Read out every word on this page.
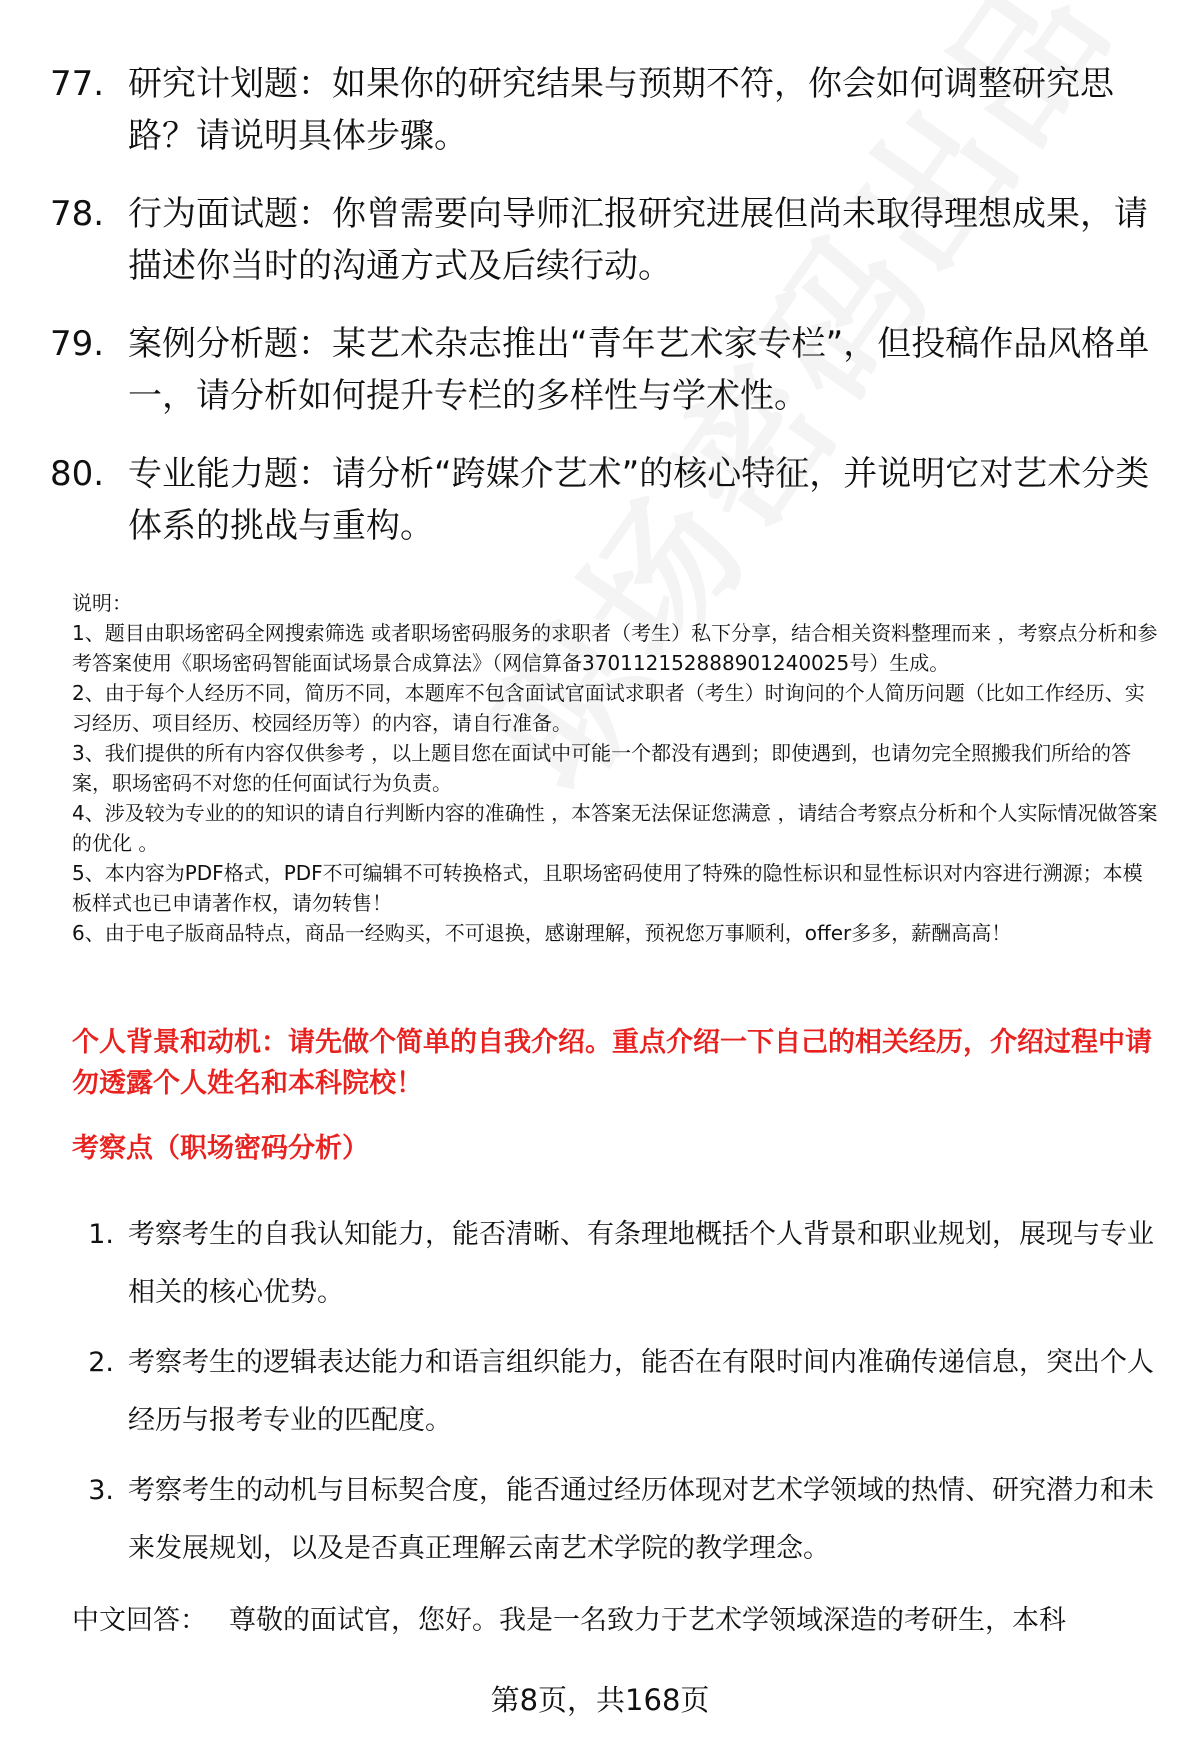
77. 研究计划题：如果你的研究结果与预期不符，你会如何调整研究思路？请说明具体步骤。
78. 行为面试题：你曾需要向导师汇报研究进展但尚未取得理想成果，请描述你当时的沟通方式及后续行动。
79. 案例分析题：某艺术杂志推出“青年艺术家专栏”，但投稿作品风格单一，请分析如何提升专栏的多样性与学术性。
80. 专业能力题：请分析“跨媒介艺术”的核心特征，并说明它对艺术分类体系的挑战与重构。

说明：

1、题目由职场密码全网搜索筛选 或者职场密码服务的求职者（考生）私下分享，结合相关资料整理而来 ，考察点分析和参考答案使用《职场密码智能面试场景合成算法》（网信算备370112152888901240025号）生成。

2、由于每个人经历不同，简历不同，本题库不包含面试官面试求职者（考生）时询问的个人简历问题（比如工作经历、实习经历、项目经历、校园经历等）的内容，请自行准备。

3、我们提供的所有内容仅供参考 ，以上题目您在面试中可能一个都没有遇到；即使遇到，也请勿完全照搬我们所给的答案，职场密码不对您的任何面试行为负责。

4、涉及较为专业的的知识的请自行判断内容的准确性 ，本答案无法保证您满意 ，请结合考察点分析和个人实际情况做答案的优化 。

5、本内容为PDF格式，PDF不可编辑不可转换格式，且职场密码使用了特殊的隐性标识和显性标识对内容进行溯源；本模板样式也已申请著作权，请勿转售！

6、由于电子版商品特点，商品一经购买，不可退换，感谢理解，预祝您万事顺利，offer多多，薪酬高高！

个人背景和动机：请先做个简单的自我介绍。重点介绍一下自己的相关经历，介绍过程中请勿透露个人姓名和本科院校！
考察点（职场密码分析）
1. 考察考生的自我认知能力，能否清晰、有条理地概括个人背景和职业规划，展现与专业相关的核心优势。
2. 考察考生的逻辑表达能力和语言组织能力，能否在有限时间内准确传递信息，突出个人经历与报考专业的匹配度。
3. 考察考生的动机与目标契合度，能否通过经历体现对艺术学领域的热情、研究潜力和未来发展规划，以及是否真正理解云南艺术学院的教学理念。
中文回答： 尊敬的面试官，您好。我是一名致力于艺术学领域深造的考研生，本科
第8页，共168页
